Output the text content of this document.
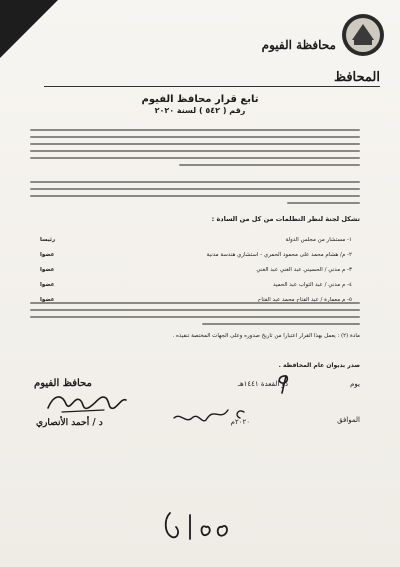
محافظة الفيوم
المحافظ
تابع قرار محافظ الفيوم
رقم ( ٥٤٢ ) لسنة ٢٠٢٠
تشكل لجنة لنظر التظلمات من كل من السادة :
١- مستشار من مجلس الدولة
رئيسا
٢- م/ هشام محمد على محمود الحمري - استشاري هندسة مدنية
عضوا
٣- م مدني / الحسيني عبد الغني عبد الغني
عضوا
٤- م مدني / عبد التواب عبد الحميد
عضوا
٥- م معمارة / عبد الفتاح محمد عبد الفتاح
عضوا
مادة (٢) : يعمل بهذا القرار اعتبارا من تاريخ صدوره وعلى الجهات المختصة تنفيذه .
صدر بديوان عام المحافظة .
يومذو القعدة ١٤٤١هـ
الموافق
٢٠٢٠م
محافظ الفيوم
د / أحمد الأنصاري
